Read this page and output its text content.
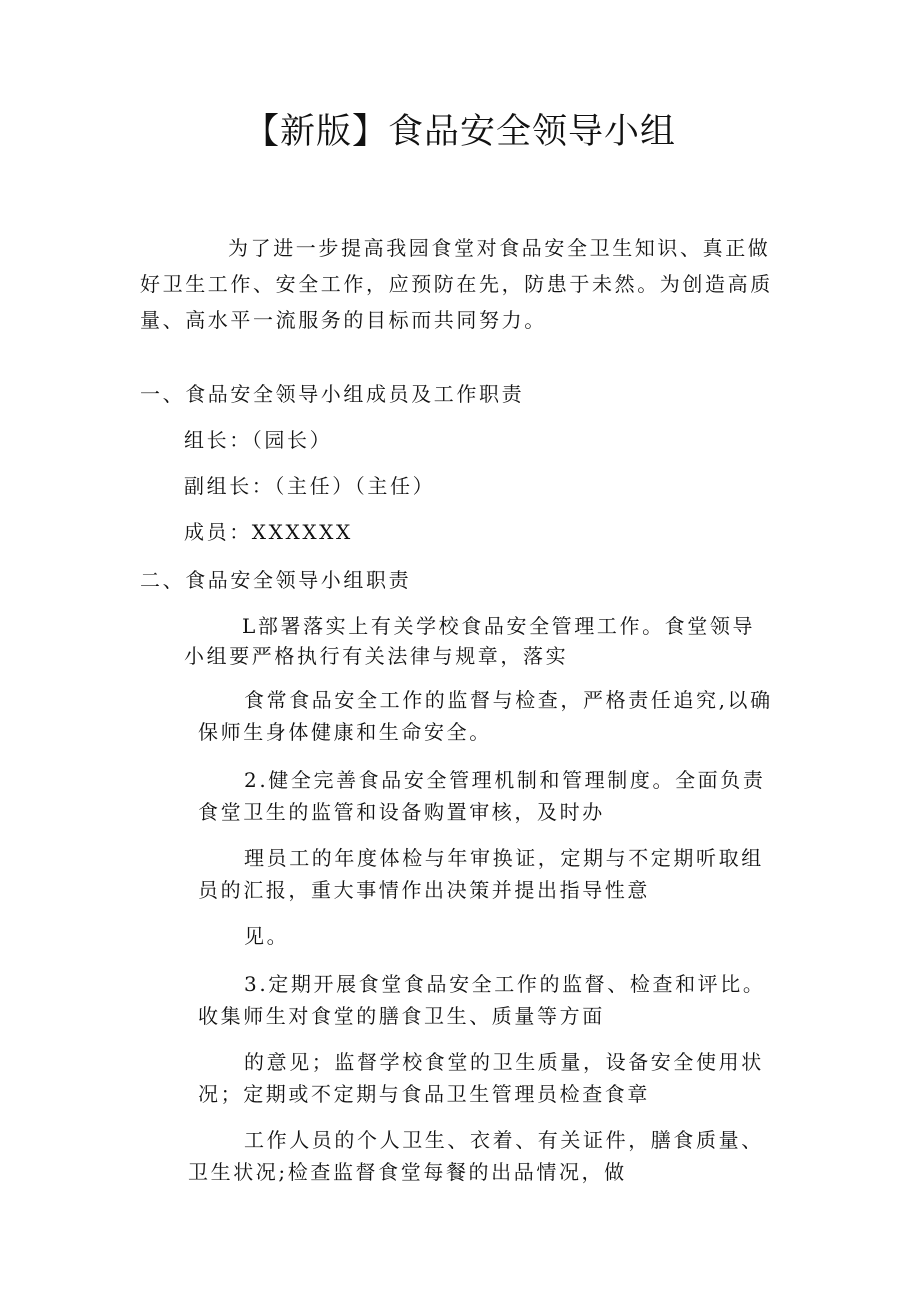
【新版】食品安全领导小组
为了进一步提高我园食堂对食品安全卫生知识、真正做
好卫生工作、安全工作，应预防在先，防患于未然。为创造高质
量、高水平一流服务的目标而共同努力。
一、食品安全领导小组成员及工作职责
组长：（园长）
副组长：（主任）（主任）
成员：XXXXXX
二、食品安全领导小组职责
L部署落实上有关学校食品安全管理工作。食堂领导
小组要严格执行有关法律与规章，落实
食常食品安全工作的监督与检查，严格责任追究,以确
保师生身体健康和生命安全。
2.健全完善食品安全管理机制和管理制度。全面负责
食堂卫生的监管和设备购置审核，及时办
理员工的年度体检与年审换证，定期与不定期听取组
员的汇报，重大事情作出决策并提出指导性意
见。
3.定期开展食堂食品安全工作的监督、检查和评比。
收集师生对食堂的膳食卫生、质量等方面
的意见；监督学校食堂的卫生质量，设备安全使用状
况；定期或不定期与食品卫生管理员检查食章
工作人员的个人卫生、衣着、有关证件，膳食质量、
卫生状况;检查监督食堂每餐的出品情况，做
